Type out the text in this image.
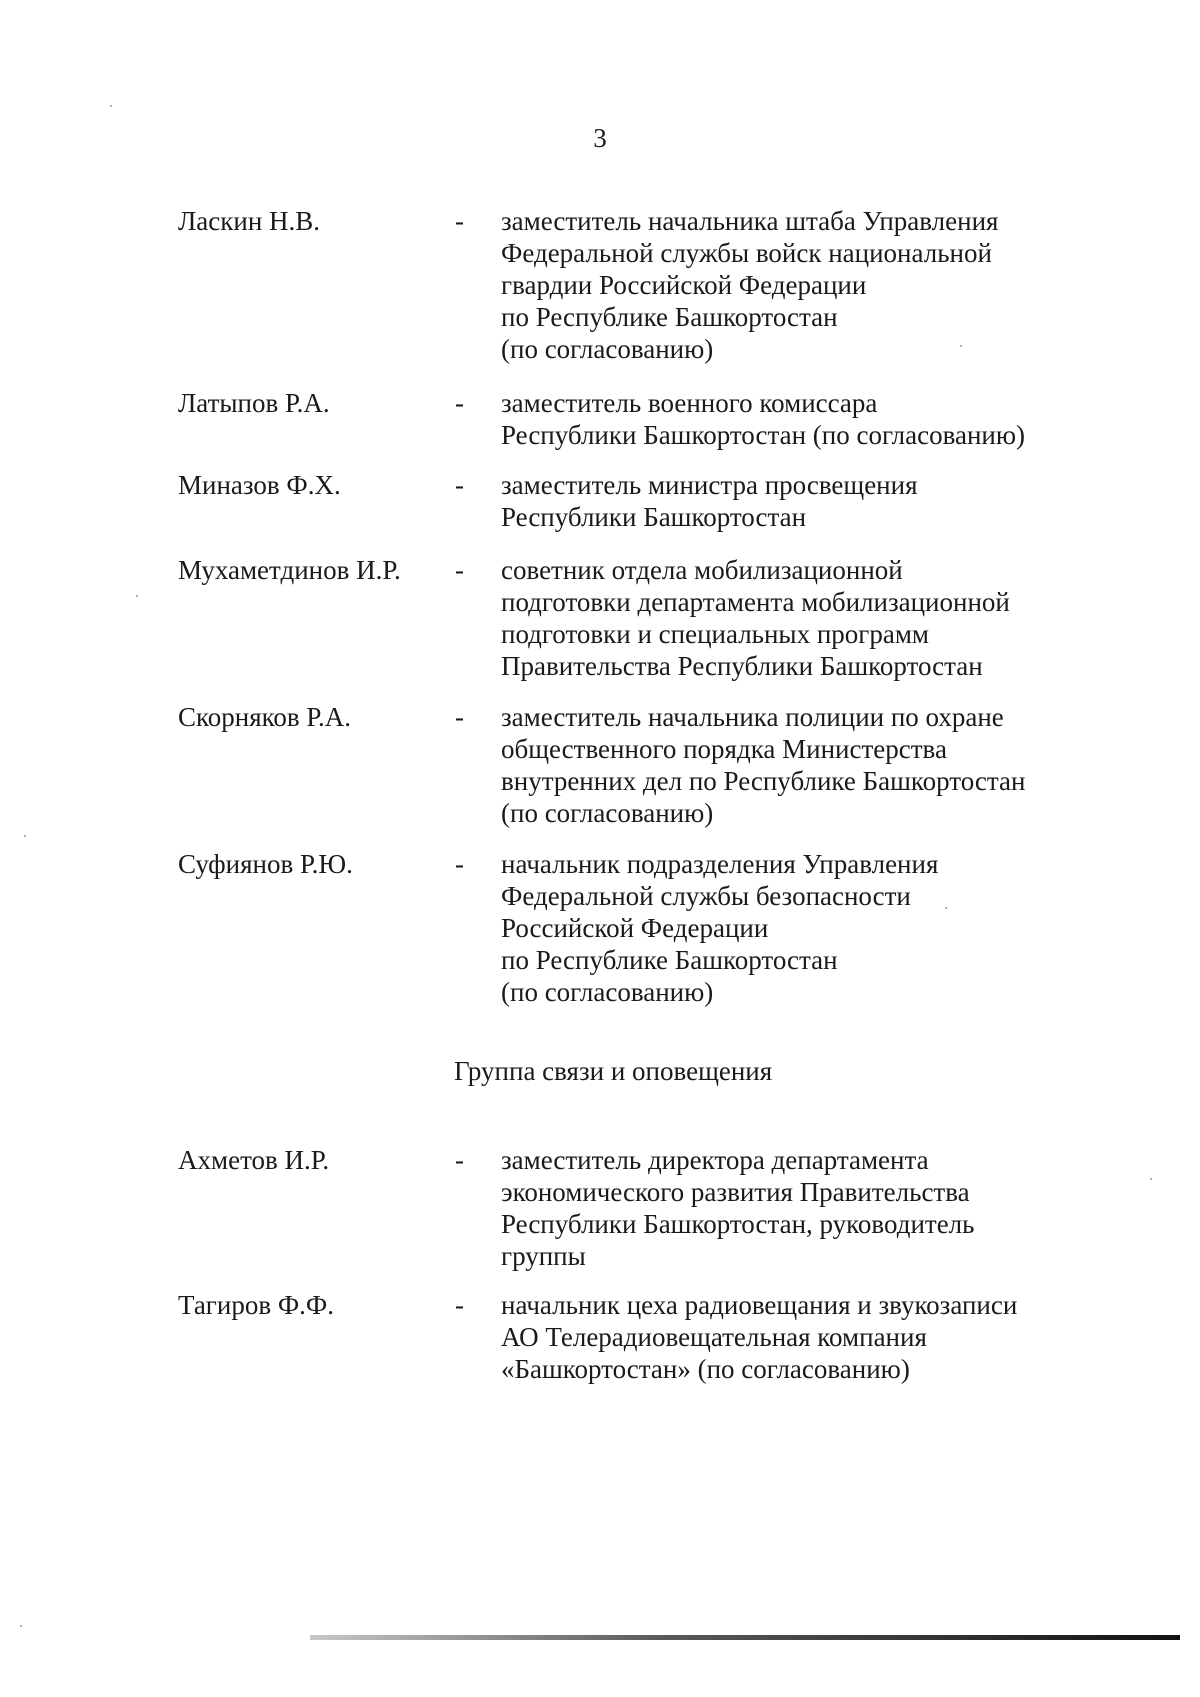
3
Ласкин Н.В.	- заместитель начальника штаба Управления
Федеральной службы войск национальной
гвардии Российской Федерации
по Республике Башкортостан
(по согласованию)
Латыпов Р.А.	- заместитель военного комиссара
Республики Башкортостан (по согласованию)
Миназов Ф.Х.	- заместитель министра просвещения
Республики Башкортостан
Мухаметдинов И.Р. - советник отдела мобилизационной
подготовки департамента мобилизационной
подготовки и специальных программ
Правительства Республики Башкортостан
Скорняков Р.А.	- заместитель начальника полиции по охране
общественного порядка Министерства
внутренних дел по Республике Башкортостан
(по согласованию)
Суфиянов Р.Ю.	- начальник подразделения Управления
Федеральной службы безопасности
Российской Федерации
по Республике Башкортостан
(по согласованию)
Ахметов И.Р.	- заместитель директора департамента
экономического развития Правительства
Республики Башкортостан, руководитель
группы
Тагиров Ф.Ф.	- начальник цеха радиовещания и звукозаписи
АО Телерадиовещательная компания
«Башкортостан» (по согласованию)
Группа связи и оповещения
